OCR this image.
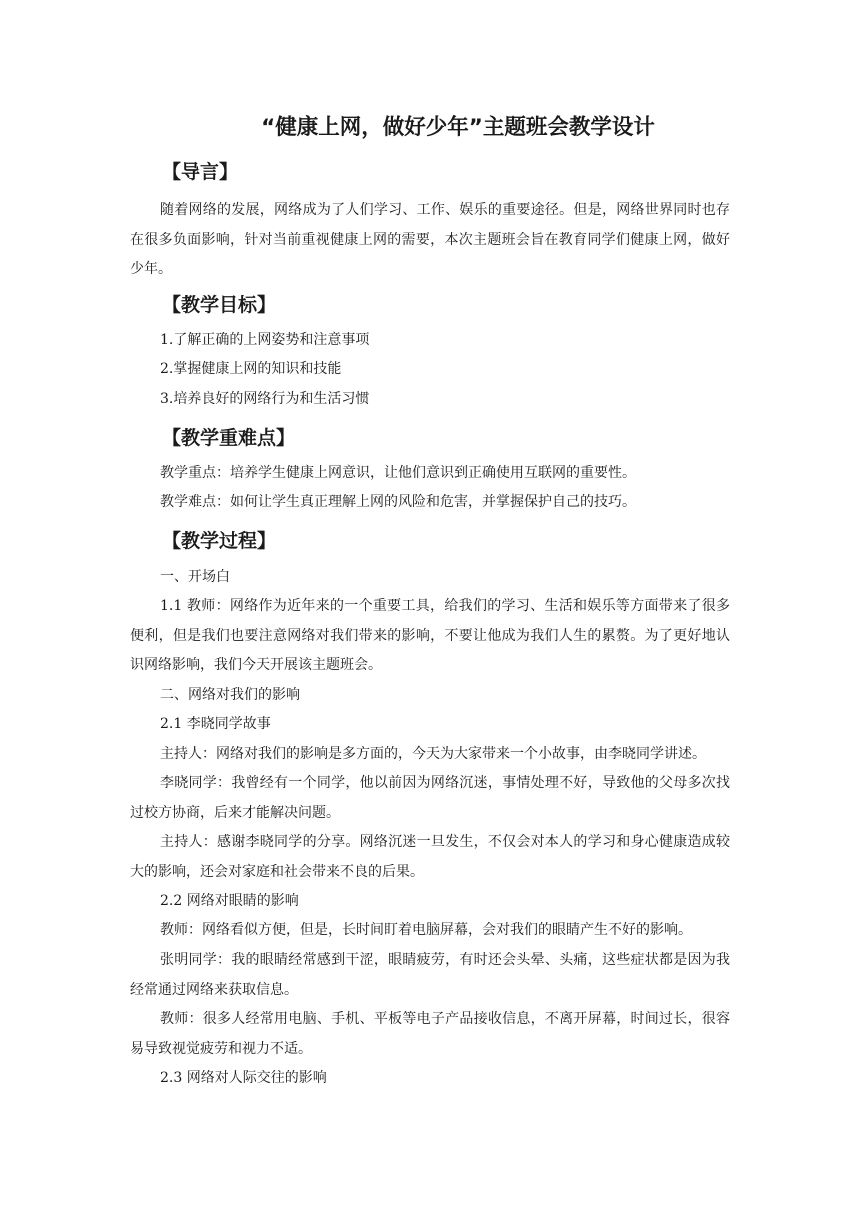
“健康上网，做好少年”主题班会教学设计
【导言】

随着网络的发展，网络成为了人们学习、工作、娱乐的重要途径。但是，网络世界同时也存在很多负面影响，针对当前重视健康上网的需要，本次主题班会旨在教育同学们健康上网，做好少年。

【教学目标】

1.了解正确的上网姿势和注意事项

2.掌握健康上网的知识和技能

3.培养良好的网络行为和生活习惯

【教学重难点】

教学重点：培养学生健康上网意识，让他们意识到正确使用互联网的重要性。

教学难点：如何让学生真正理解上网的风险和危害，并掌握保护自己的技巧。

【教学过程】

一、开场白

1.1 教师：网络作为近年来的一个重要工具，给我们的学习、生活和娱乐等方面带来了很多便利，但是我们也要注意网络对我们带来的影响，不要让他成为我们人生的累赘。为了更好地认识网络影响，我们今天开展该主题班会。

二、网络对我们的影响

2.1 李晓同学故事

主持人：网络对我们的影响是多方面的，今天为大家带来一个小故事，由李晓同学讲述。

李晓同学：我曾经有一个同学，他以前因为网络沉迷，事情处理不好，导致他的父母多次找过校方协商，后来才能解决问题。

主持人：感谢李晓同学的分享。网络沉迷一旦发生，不仅会对本人的学习和身心健康造成较大的影响，还会对家庭和社会带来不良的后果。

2.2 网络对眼睛的影响

教师：网络看似方便，但是，长时间盯着电脑屏幕，会对我们的眼睛产生不好的影响。

张明同学：我的眼睛经常感到干涩，眼睛疲劳，有时还会头晕、头痛，这些症状都是因为我经常通过网络来获取信息。

教师：很多人经常用电脑、手机、平板等电子产品接收信息，不离开屏幕，时间过长，很容易导致视觉疲劳和视力不适。

2.3 网络对人际交往的影响
